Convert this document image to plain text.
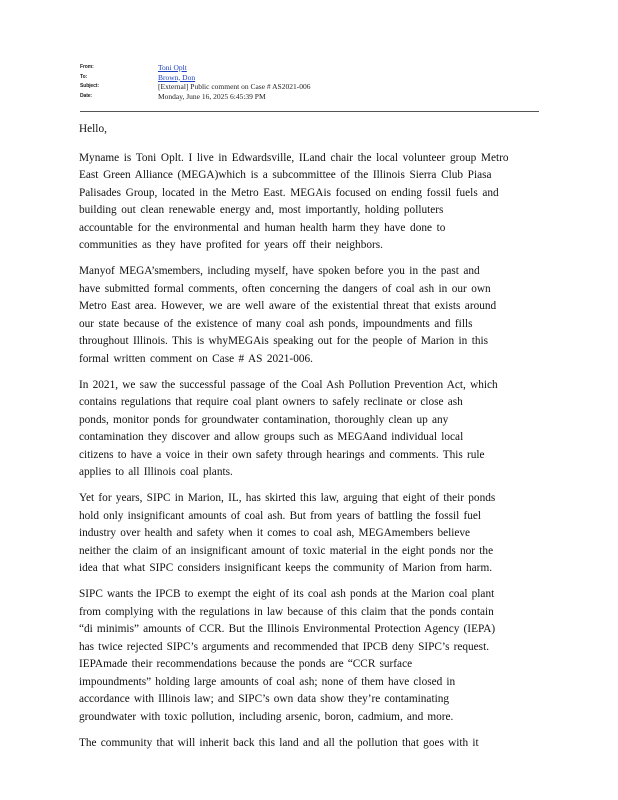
From:	Toni Oplt
To:	Brown, Don
Subject:	[External] Public comment on Case # AS2021-006
Date:	Monday, June 16, 2025 6:45:39 PM

Hello,

Myname is Toni Oplt. I live in Edwardsville, ILand chair the local volunteer group Metro
East Green Alliance (MEGA)which is a subcommittee of the Illinois Sierra Club Piasa
Palisades Group, located in the Metro East. MEGAis focused on ending fossil fuels and
building out clean renewable energy and, most importantly, holding polluters
accountable for the environmental and human health harm they have done to
communities as they have profited for years off their neighbors.

Manyof MEGA’smembers, including myself, have spoken before you in the past and
have submitted formal comments, often concerning the dangers of coal ash in our own
Metro East area. However, we are well aware of the existential threat that exists around
our state because of the existence of many coal ash ponds, impoundments and fills
throughout Illinois. This is whyMEGAis speaking out for the people of Marion in this
formal written comment on Case # AS 2021-006.

In 2021, we saw the successful passage of the Coal Ash Pollution Prevention Act, which
contains regulations that require coal plant owners to safely reclinate or close ash
ponds, monitor ponds for groundwater contamination, thoroughly clean up any
contamination they discover and allow groups such as MEGAand individual local
citizens to have a voice in their own safety through hearings and comments. This rule
applies to all Illinois coal plants.

Yet for years, SIPC in Marion, IL, has skirted this law, arguing that eight of their ponds
hold only insignificant amounts of coal ash. But from years of battling the fossil fuel
industry over health and safety when it comes to coal ash, MEGAmembers believe
neither the claim of an insignificant amount of toxic material in the eight ponds nor the
idea that what SIPC considers insignificant keeps the community of Marion from harm.

SIPC wants the IPCB to exempt the eight of its coal ash ponds at the Marion coal plant
from complying with the regulations in law because of this claim that the ponds contain
“di minimis” amounts of CCR. But the Illinois Environmental Protection Agency (IEPA)
has twice rejected SIPC’s arguments and recommended that IPCB deny SIPC’s request.
IEPAmade their recommendations because the ponds are “CCR surface
impoundments” holding large amounts of coal ash; none of them have closed in
accordance with Illinois law; and SIPC’s own data show they’re contaminating
groundwater with toxic pollution, including arsenic, boron, cadmium, and more.

The community that will inherit back this land and all the pollution that goes with it
